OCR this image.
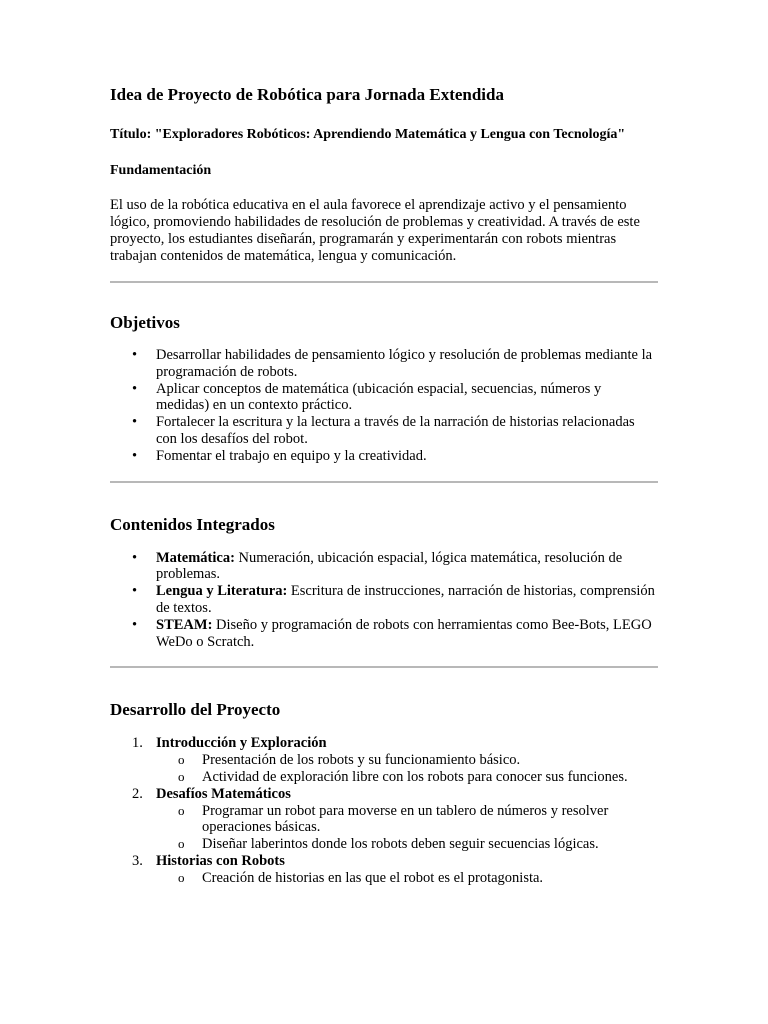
Idea de Proyecto de Robótica para Jornada Extendida
Título: "Exploradores Robóticos: Aprendiendo Matemática y Lengua con Tecnología"
Fundamentación

El uso de la robótica educativa en el aula favorece el aprendizaje activo y el pensamiento lógico, promoviendo habilidades de resolución de problemas y creatividad. A través de este proyecto, los estudiantes diseñarán, programarán y experimentarán con robots mientras trabajan contenidos de matemática, lengua y comunicación.

Objetivos
• Desarrollar habilidades de pensamiento lógico y resolución de problemas mediante la programación de robots.
• Aplicar conceptos de matemática (ubicación espacial, secuencias, números y medidas) en un contexto práctico.
• Fortalecer la escritura y la lectura a través de la narración de historias relacionadas con los desafíos del robot.
• Fomentar el trabajo en equipo y la creatividad.
Contenidos Integrados
• Matemática: Numeración, ubicación espacial, lógica matemática, resolución de problemas.
• Lengua y Literatura: Escritura de instrucciones, narración de historias, comprensión de textos.
• STEAM: Diseño y programación de robots con herramientas como Bee-Bots, LEGO WeDo o Scratch.
Desarrollo del Proyecto
1. Introducción y Exploración
o Presentación de los robots y su funcionamiento básico.
o Actividad de exploración libre con los robots para conocer sus funciones.
2. Desafíos Matemáticos
o Programar un robot para moverse en un tablero de números y resolver operaciones básicas.
o Diseñar laberintos donde los robots deben seguir secuencias lógicas.
3. Historias con Robots
o Creación de historias en las que el robot es el protagonista.
